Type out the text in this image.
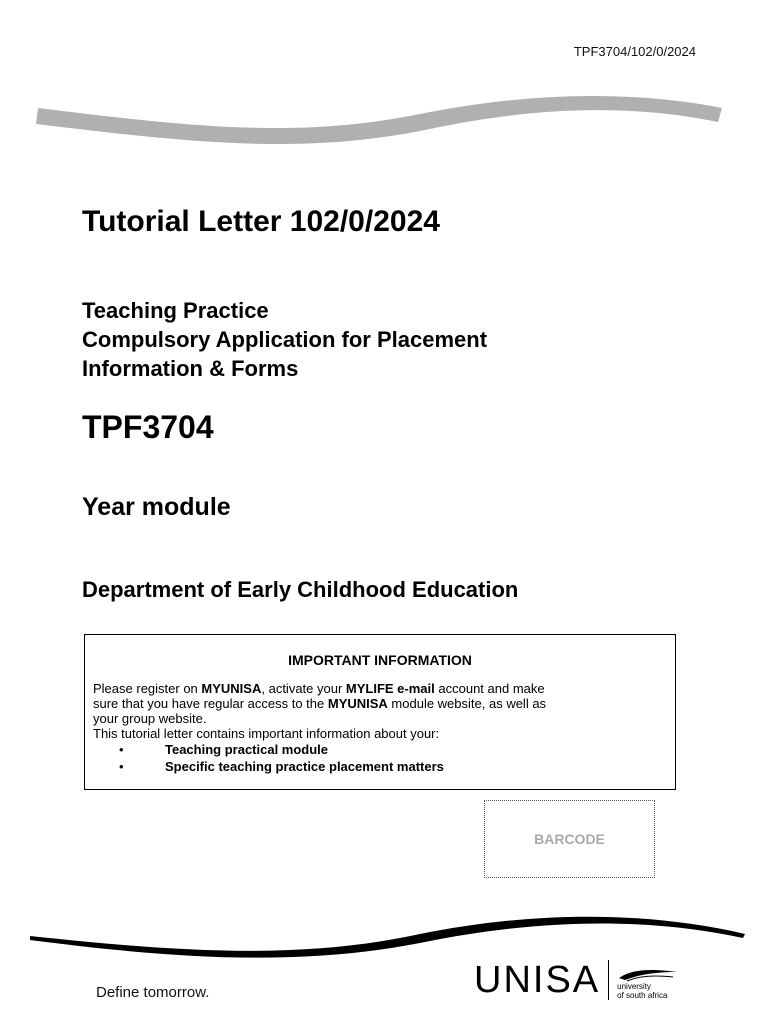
TPF3704/102/0/2024
Tutorial Letter 102/0/2024
Teaching Practice
Compulsory Application for Placement
Information & Forms
TPF3704
Year module
Department of Early Childhood Education
IMPORTANT INFORMATION
Please register on MYUNISA, activate your MYLIFE e-mail account and make
sure that you have regular access to the MYUNISA module website, as well as
your group website.
This tutorial letter contains important information about your:
•	Teaching practical module
•	Specific teaching practice placement matters
BARCODE
Define tomorrow.	UNISA university
of south africa
